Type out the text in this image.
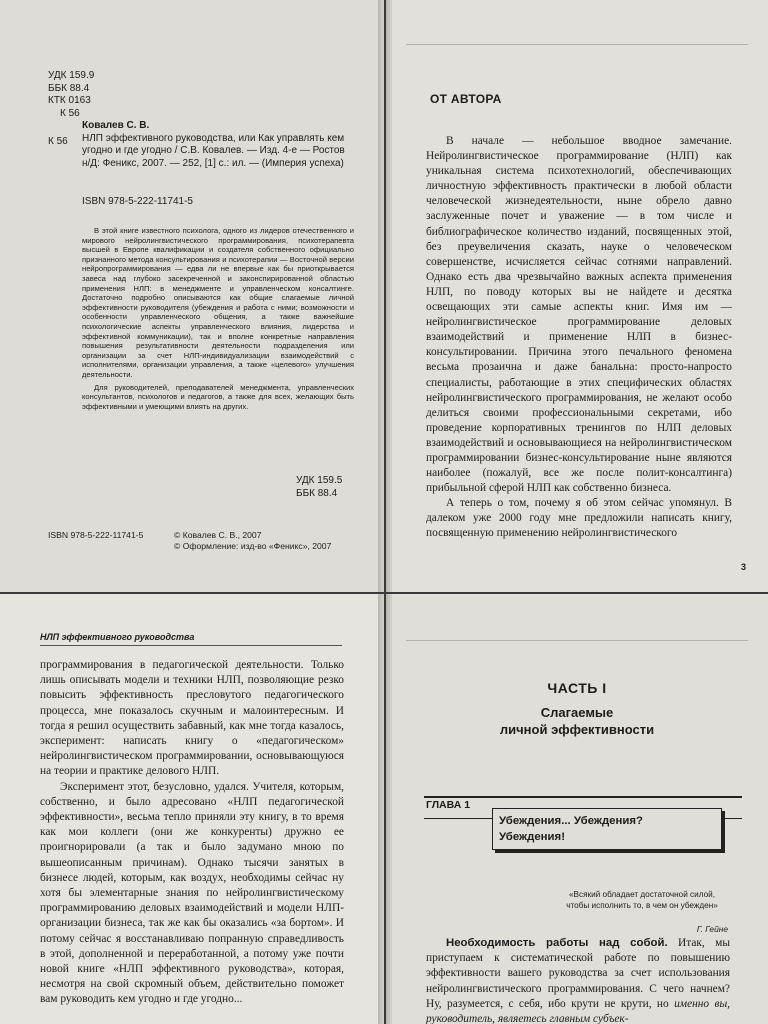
УДК 159.9
ББК 88.4
КТК 0163
К 56
К 56
Ковалев С. В.
НЛП эффективного руководства, или Как управлять кем угодно и где угодно / С.В. Ковалев. — Изд. 4-е — Ростов н/Д: Феникс, 2007. — 252, [1] с.: ил. — (Империя успеха)
ISBN 978-5-222-11741-5

В этой книге известного психолога, одного из лидеров отечественного и мирового нейролингвистического программирования, психотерапевта высшей в Европе квалификации и создателя собственного официально признанного метода консультирования и психотерапии — Восточной версии нейропрограммирования — едва ли не впервые как бы приоткрывается завеса над глубоко засекреченной и законспирированной областью применения НЛП: в менеджменте и управленческом консалтинге. Достаточно подробно описываются как общие слагаемые личной эффективности руководителя (убеждения и работа с ними; возможности и особенности управленческого общения, а также важнейшие психологические аспекты управленческого влияния, лидерства и эффективной коммуникации), так и вполне конкретные направления повышения результативности деятельности подразделения или организации за счет НЛП-индивидуализации взаимодействий с исполнителями, организации управления, а также «целевого» улучшения деятельности.

Для руководителей, преподавателей менеджмента, управленческих консультантов, психологов и педагогов, а также для всех, желающих быть эффективными и умеющими влиять на других.

УДК 159.5
ББК 88.4
ISBN 978-5-222-11741-5	© Ковалев С. В., 2007
© Оформление: изд-во «Феникс», 2007
ОТ АВТОРА

В начале — небольшое вводное замечание. Нейролингвистическое программирование (НЛП) как уникальная система психотехнологий, обеспечивающих личностную эффективность практически в любой области человеческой жизнедеятельности, ныне обрело давно заслуженные почет и уважение — в том числе и библиографическое количество изданий, посвященных этой, без преувеличения сказать, науке о человеческом совершенстве, исчисляется сейчас сотнями направлений. Однако есть два чрезвычайно важных аспекта применения НЛП, по поводу которых вы не найдете и десятка освещающих эти самые аспекты книг. Имя им — нейролингвистическое программирование деловых взаимодействий и применение НЛП в бизнес-консультировании. Причина этого печального феномена весьма прозаична и даже банальна: просто-напросто специалисты, работающие в этих специфических областях нейролингвистического программирования, не желают особо делиться своими профессиональными секретами, ибо проведение корпоративных тренингов по НЛП деловых взаимодействий и основывающиеся на нейролингвистическом программировании бизнес-консультирование ныне являются наиболее (пожалуй, все же после полит-консалтинга) прибыльной сферой НЛП как собственно бизнеса.

А теперь о том, почему я об этом сейчас упомянул. В далеком уже 2000 году мне предложили написать книгу, посвященную применению нейролингвистического

3
НЛП эффективного руководства

программирования в педагогической деятельности. Только лишь описывать модели и техники НЛП, позволяющие резко повысить эффективность пресловутого педагогического процесса, мне показалось скучным и малоинтересным. И тогда я решил осуществить забавный, как мне тогда казалось, эксперимент: написать книгу о «педагогическом» нейролингвистическом программировании, основывающуюся на теории и практике делового НЛП.

Эксперимент этот, безусловно, удался. Учителя, которым, собственно, и было адресовано «НЛП педагогической эффективности», весьма тепло приняли эту книгу, в то время как мои коллеги (они же конкуренты) дружно ее проигнорировали (а так и было задумано мною по вышеописанным причинам). Однако тысячи занятых в бизнесе людей, которым, как воздух, необходимы сейчас ну хотя бы элементарные знания по нейролингвистическому программированию деловых взаимодействий и модели НЛП-организации бизнеса, так же как бы оказались «за бортом». И потому сейчас я восстанавливаю попранную справедливость в этой, дополненной и переработанной, а потому уже почти новой книге «НЛП эффективного руководства», которая, несмотря на свой скромный объем, действительно поможет вам руководить кем угодно и где угодно...

ЧАСТЬ I
Слагаемые
личной эффективности
ГЛАВА 1
Убеждения... Убеждения?
Убеждения!
«Всякий обладает достаточной силой, чтобы исполнить то, в чем он убежден»
Г. Гейне

Необходимость работы над собой. Итак, мы приступаем к систематической работе по повышению эффективности вашего руководства за счет использования нейролингвистического программирования. С чего начнем? Ну, разумеется, с себя, ибо крути не крути, но именно вы, руководитель, являетесь главным субъек-
